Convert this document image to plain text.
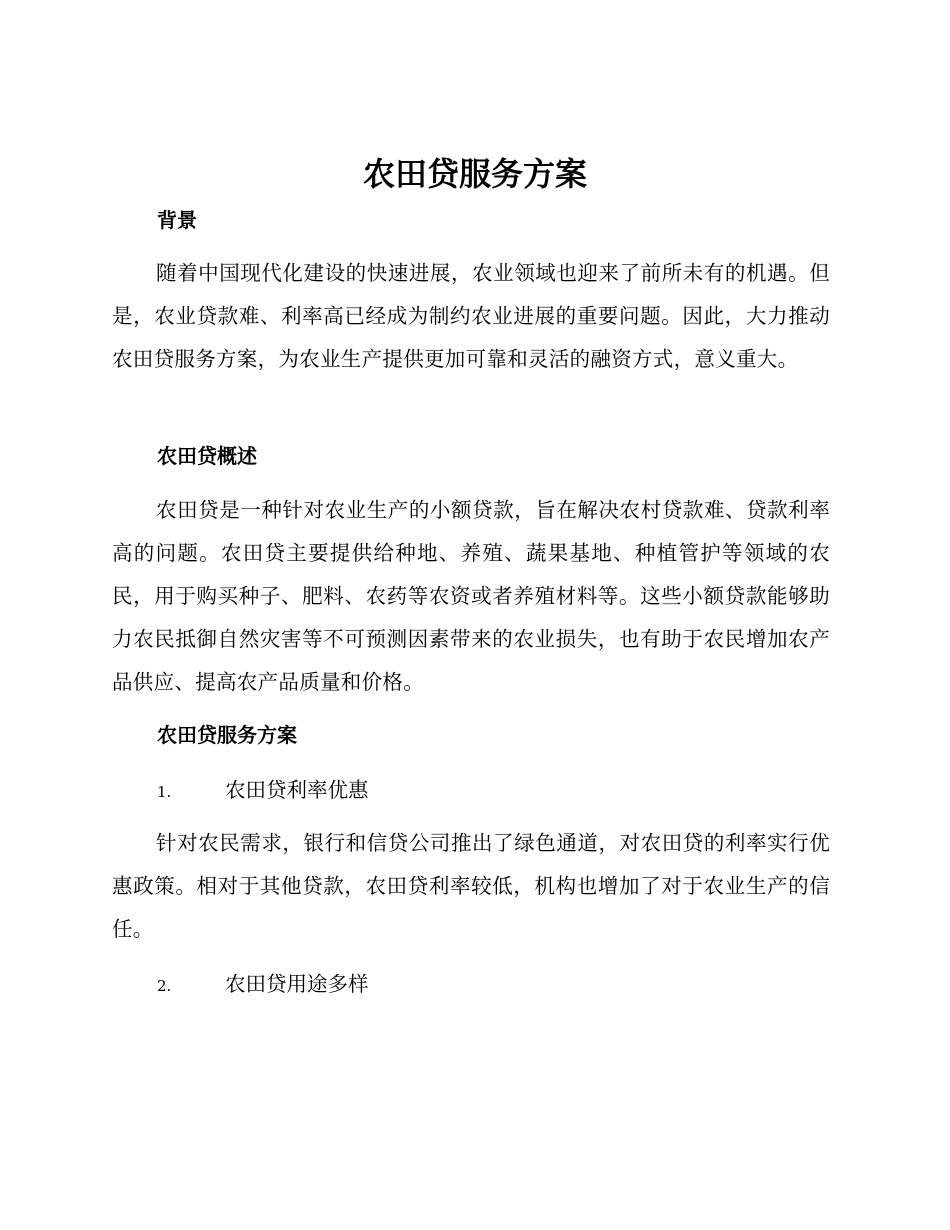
农田贷服务方案
背景

随着中国现代化建设的快速进展，农业领域也迎来了前所未有的机遇。但是，农业贷款难、利率高已经成为制约农业进展的重要问题。因此，大力推动农田贷服务方案，为农业生产提供更加可靠和灵活的融资方式，意义重大。

农田贷概述

农田贷是一种针对农业生产的小额贷款，旨在解决农村贷款难、贷款利率高的问题。农田贷主要提供给种地、养殖、蔬果基地、种植管护等领域的农民，用于购买种子、肥料、农药等农资或者养殖材料等。这些小额贷款能够助力农民抵御自然灾害等不可预测因素带来的农业损失，也有助于农民增加农产品供应、提高农产品质量和价格。

农田贷服务方案
1.	农田贷利率优惠

针对农民需求，银行和信贷公司推出了绿色通道，对农田贷的利率实行优惠政策。相对于其他贷款，农田贷利率较低，机构也增加了对于农业生产的信任。

2.	农田贷用途多样
